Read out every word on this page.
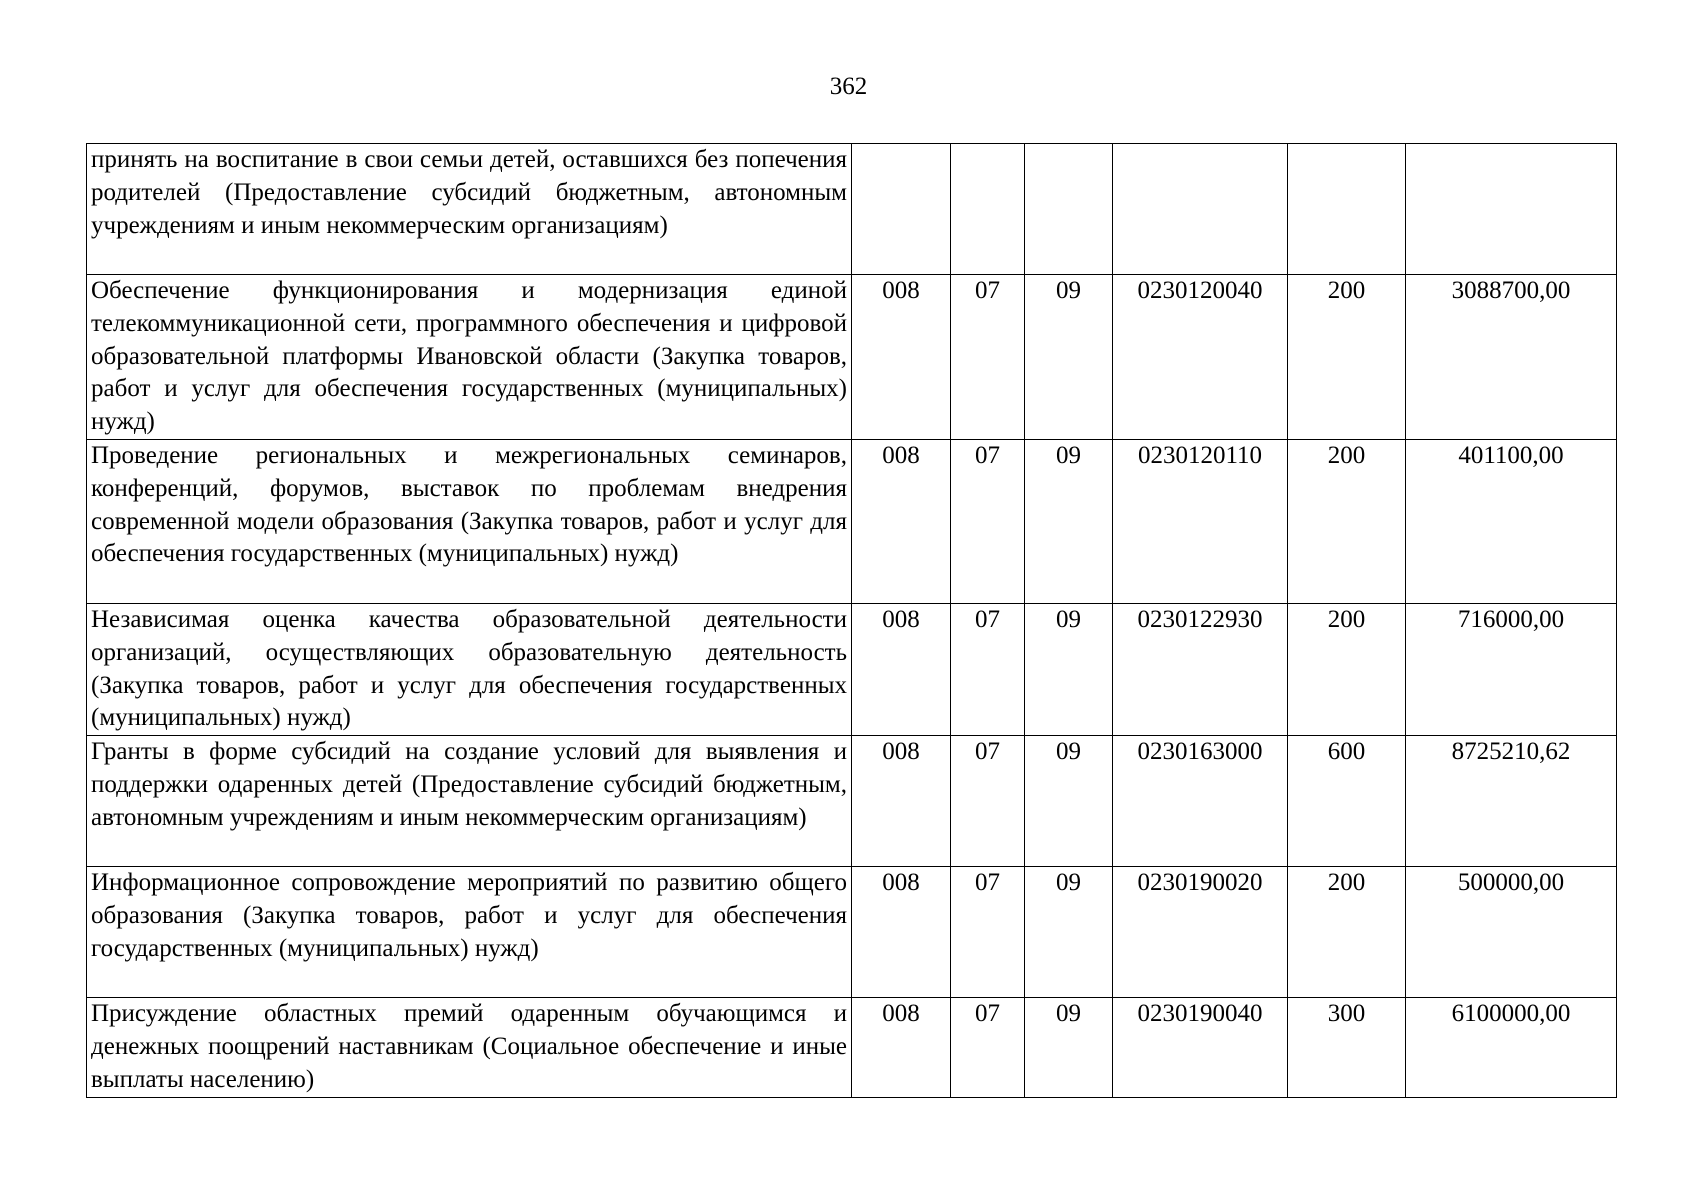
362
принять на воспитание в свои семьи детей, оставшихся без попечения родителей (Предоставление субсидий бюджетным, автономным учреждениям и иным некоммерческим организациям)						
Обеспечение функционирования и модернизация единой телекоммуникационной сети, программного обеспечения и цифровой образовательной платформы Ивановской области (Закупка товаров, работ и услуг для обеспечения государственных (муниципальных) нужд)	008	07	09	0230120040	200	3088700,00
Проведение региональных и межрегиональных семинаров, конференций, форумов, выставок по проблемам внедрения современной модели образования (Закупка товаров, работ и услуг для обеспечения государственных (муниципальных) нужд)	008	07	09	0230120110	200	401100,00
Независимая оценка качества образовательной деятельности организаций, осуществляющих образовательную деятельность (Закупка товаров, работ и услуг для обеспечения государственных (муниципальных) нужд)	008	07	09	0230122930	200	716000,00
Гранты в форме субсидий на создание условий для выявления и поддержки одаренных детей (Предоставление субсидий бюджетным, автономным учреждениям и иным некоммерческим организациям)	008	07	09	0230163000	600	8725210,62
Информационное сопровождение мероприятий по развитию общего образования (Закупка товаров, работ и услуг для обеспечения государственных (муниципальных) нужд)	008	07	09	0230190020	200	500000,00
Присуждение областных премий одаренным обучающимся и денежных поощрений наставникам (Социальное обеспечение и иные выплаты населению)	008	07	09	0230190040	300	6100000,00
